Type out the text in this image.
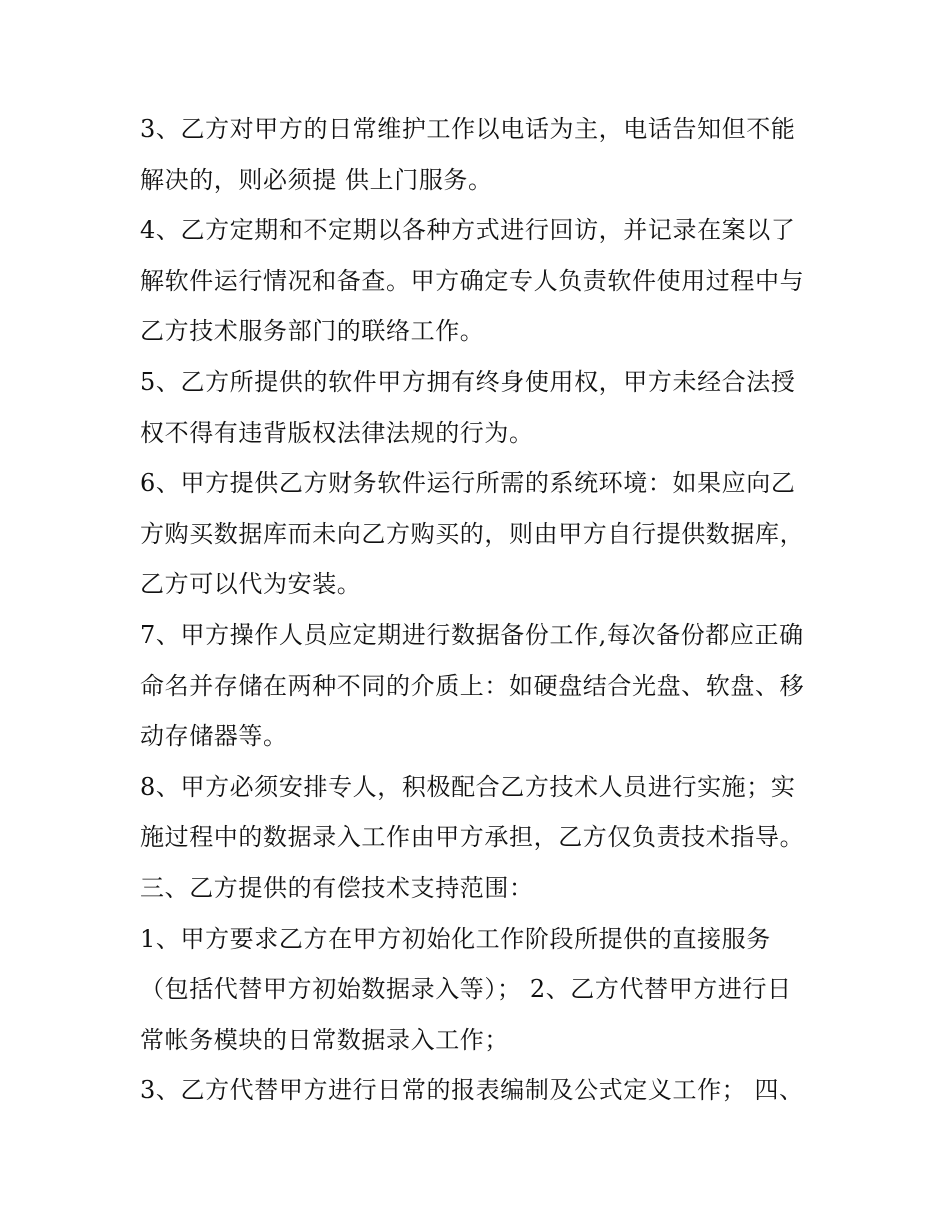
3、乙方对甲方的日常维护工作以电话为主，电话告知但不能
解决的，则必须提 供上门服务。
4、乙方定期和不定期以各种方式进行回访，并记录在案以了
解软件运行情况和备查。甲方确定专人负责软件使用过程中与
乙方技术服务部门的联络工作。
5、乙方所提供的软件甲方拥有终身使用权，甲方未经合法授
权不得有违背版权法律法规的行为。
6、甲方提供乙方财务软件运行所需的系统环境：如果应向乙
方购买数据库而未向乙方购买的，则由甲方自行提供数据库，
乙方可以代为安装。
7、甲方操作人员应定期进行数据备份工作,每次备份都应正确
命名并存储在两种不同的介质上：如硬盘结合光盘、软盘、移
动存储器等。
8、甲方必须安排专人，积极配合乙方技术人员进行实施；实
施过程中的数据录入工作由甲方承担，乙方仅负责技术指导。
三、乙方提供的有偿技术支持范围：
1、甲方要求乙方在甲方初始化工作阶段所提供的直接服务
（包括代替甲方初始数据录入等）； 2、乙方代替甲方进行日
常帐务模块的日常数据录入工作；
3、乙方代替甲方进行日常的报表编制及公式定义工作； 四、
